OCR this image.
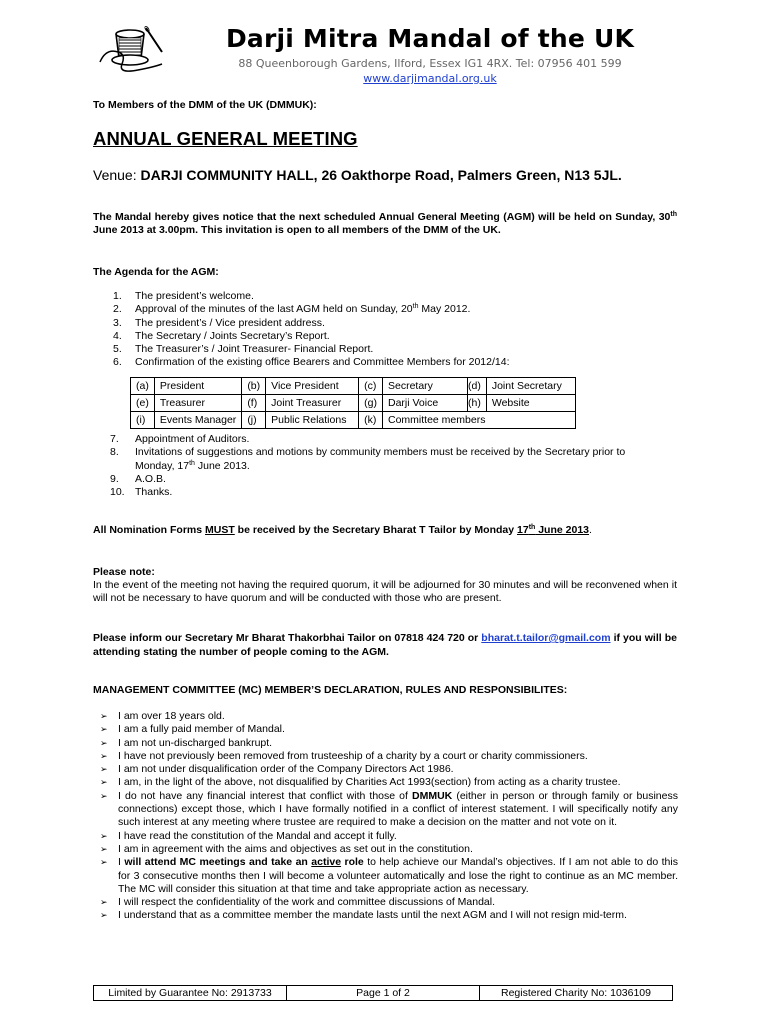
Darji Mitra Mandal of the UK
88 Queenborough Gardens, Ilford, Essex IG1 4RX. Tel: 07956 401 599
www.darjimandal.org.uk
To Members of the DMM of the UK (DMMUK):
ANNUAL GENERAL MEETING
Venue: DARJI COMMUNITY HALL, 26 Oakthorpe Road, Palmers Green, N13 5JL.
The Mandal hereby gives notice that the next scheduled Annual General Meeting (AGM) will be held on Sunday, 30th June 2013 at 3.00pm. This invitation is open to all members of the DMM of the UK.
The Agenda for the AGM:
1.	The president’s welcome.
2.	Approval of the minutes of the last AGM held on Sunday, 20th May 2012.
3.	The president’s / Vice president address.
4.	The Secretary / Joints Secretary’s Report.
5.	The Treasurer’s / Joint Treasurer- Financial Report.
6.	Confirmation of the existing office Bearers and Committee Members for 2012/14:
(a)	President	(b)	Vice President	(c)	Secretary	(d)	Joint Secretary
(e)	Treasurer	(f)	Joint Treasurer	(g)	Darji Voice	(h)	Website
(i)	Events Manager	(j)	Public Relations	(k)	Committee members		
7.	Appointment of Auditors.
8.	Invitations of suggestions and motions by community members must be received by the Secretary prior to Monday, 17th June 2013.
9.	A.O.B.
10. Thanks.
All Nomination Forms MUST be received by the Secretary Bharat T Tailor by Monday 17th June 2013.
Please note:
In the event of the meeting not having the required quorum, it will be adjourned for 30 minutes and will be reconvened when it will not be necessary to have quorum and will be conducted with those who are present.
Please inform our Secretary Mr Bharat Thakorbhai Tailor on 07818 424 720 or bharat.t.tailor@gmail.com if you will be attending stating the number of people coming to the AGM.
MANAGEMENT COMMITTEE (MC) MEMBER’S DECLARATION, RULES AND RESPONSIBILITES:
➢ I am over 18 years old.
➢ I am a fully paid member of Mandal.
➢ I am not un-discharged bankrupt.
➢ I have not previously been removed from trusteeship of a charity by a court or charity commissioners.
➢ I am not under disqualification order of the Company Directors Act 1986.
➢ I am, in the light of the above, not disqualified by Charities Act 1993(section) from acting as a charity trustee.
➢ I do not have any financial interest that conflict with those of DMMUK (either in person or through family or business connections) except those, which I have formally notified in a conflict of interest statement. I will specifically notify any such interest at any meeting where trustee are required to make a decision on the matter and not vote on it.
➢ I have read the constitution of the Mandal and accept it fully.
➢ I am in agreement with the aims and objectives as set out in the constitution.
➢ I will attend MC meetings and take an active role to help achieve our Mandal’s objectives. If I am not able to do this for 3 consecutive months then I will become a volunteer automatically and lose the right to continue as an MC member. The MC will consider this situation at that time and take appropriate action as necessary.
➢ I will respect the confidentiality of the work and committee discussions of Mandal.
➢ I understand that as a committee member the mandate lasts until the next AGM and I will not resign mid-term.
Limited by Guarantee No: 2913733	Page 1 of 2	Registered Charity No: 1036109
